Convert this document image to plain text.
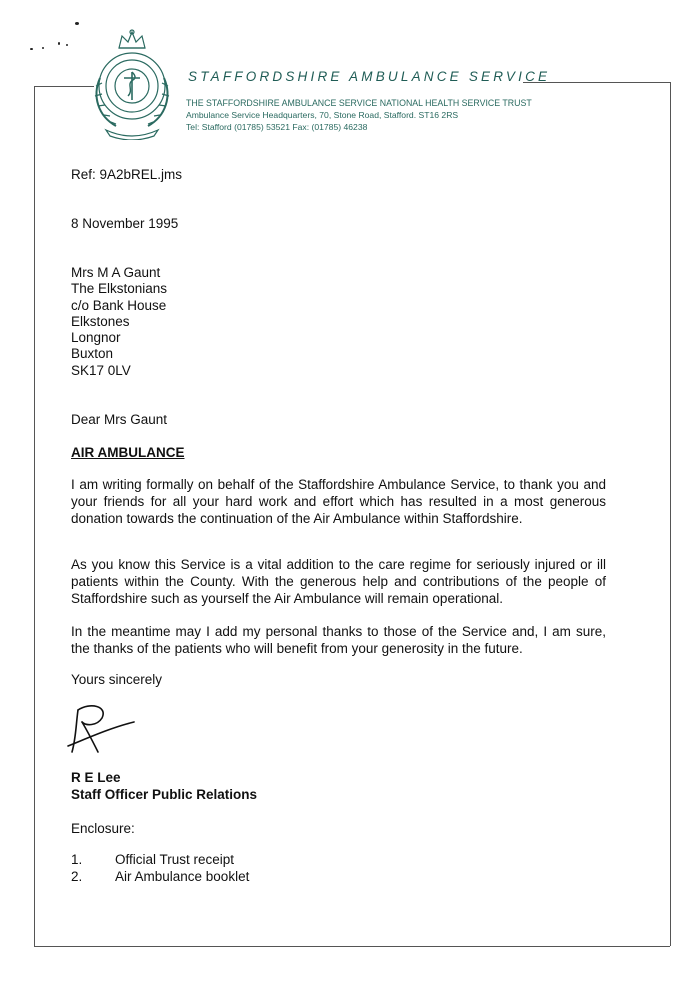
STAFFORDSHIRE AMBULANCE SERVICE
THE STAFFORDSHIRE AMBULANCE SERVICE NATIONAL HEALTH SERVICE TRUST
Ambulance Service Headquarters, 70, Stone Road, Stafford. ST16 2RS
Tel: Stafford (01785) 53521 Fax: (01785) 46238
Ref: 9A2bREL.jms
8 November 1995
Mrs M A Gaunt
The Elkstonians
c/o Bank House
Elkstones
Longnor
Buxton
SK17 0LV
Dear Mrs Gaunt
AIR AMBULANCE
I am writing formally on behalf of the Staffordshire Ambulance Service, to thank you and your friends for all your hard work and effort which has resulted in a most generous donation towards the continuation of the Air Ambulance within Staffordshire.
As you know this Service is a vital addition to the care regime for seriously injured or ill patients within the County. With the generous help and contributions of the people of Staffordshire such as yourself the Air Ambulance will remain operational.
In the meantime may I add my personal thanks to those of the Service and, I am sure, the thanks of the patients who will benefit from your generosity in the future.
Yours sincerely
R E Lee
Staff Officer Public Relations
Enclosure:
1.	Official Trust receipt
2.	Air Ambulance booklet
